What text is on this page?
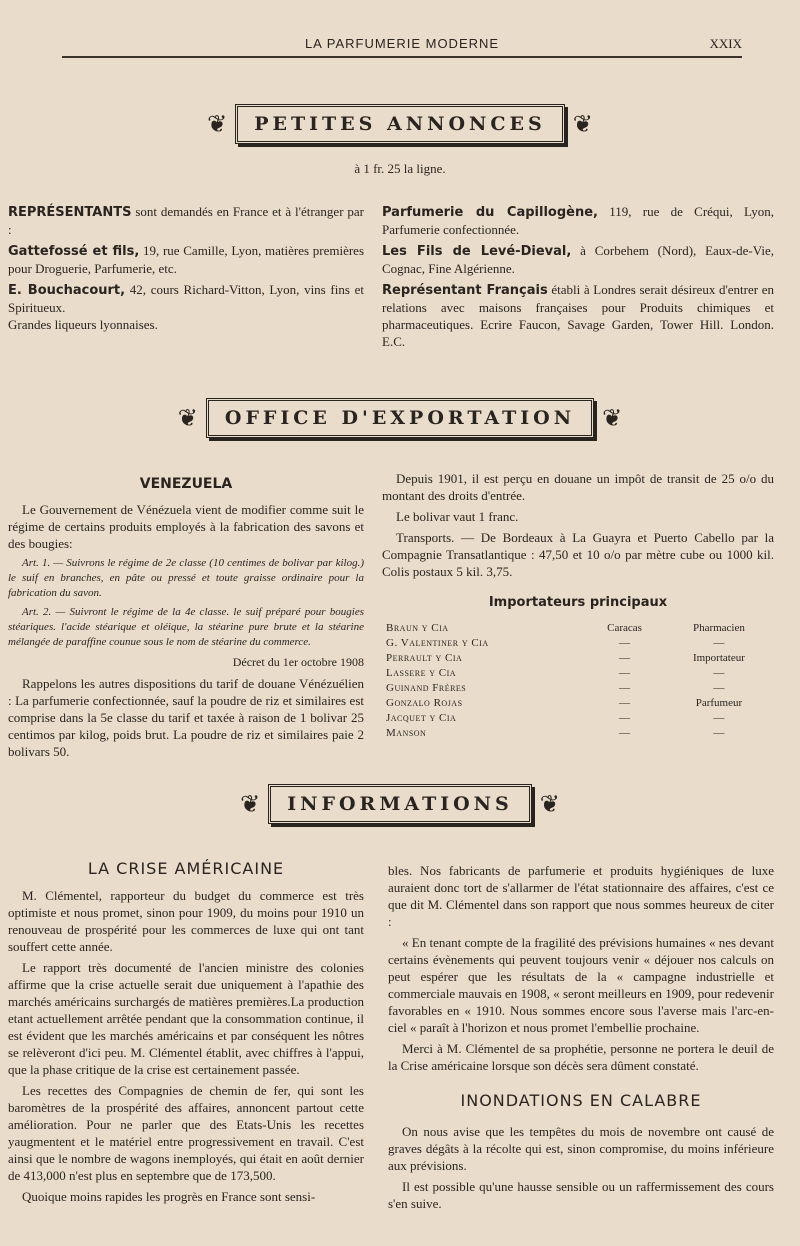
LA PARFUMERIE MODERNE	XXIX
❦	PETITES ANNONCES	❦
à 1 fr. 25 la ligne.

REPRÉSENTANTS sont demandés en France et à l'étranger par :

Gattefossé et fils, 19, rue Camille, Lyon, matières premières pour Droguerie, Parfumerie, etc.

E. Bouchacourt, 42, cours Richard-Vitton, Lyon, vins fins et Spiritueux.

Grandes liqueurs lyonnaises.

Parfumerie du Capillogène, 119, rue de Créqui, Lyon, Parfumerie confectionnée.

Les Fils de Levé-Dieval, à Corbehem (Nord), Eaux-de-Vie, Cognac, Fine Algérienne.

Représentant Français établi à Londres serait désireux d'entrer en relations avec maisons françaises pour Produits chimiques et pharmaceutiques. Ecrire Faucon, Savage Garden, Tower Hill. London. E.C.

❦	OFFICE D'EXPORTATION	❦
VENEZUELA

Le Gouvernement de Vénézuela vient de modifier comme suit le régime de certains produits employés à la fabrication des savons et des bougies:

Art. 1. — Suivrons le régime de 2e classe (10 centimes de bolivar par kilog.) le suif en branches, en pâte ou pressé et toute graisse ordinaire pour la fabrication du savon.

Art. 2. — Suivront le régime de la 4e classe. le suif préparé pour bougies stéariques. l'acide stéarique et oléique, la stéarine pure brute et la stéarine mélangée de paraffine counue sous le nom de stéarine du commerce.

Décret du 1er octobre 1908

Rappelons les autres dispositions du tarif de douane Vénézuélien : La parfumerie confectionnée, sauf la poudre de riz et similaires est comprise dans la 5e classe du tarif et taxée à raison de 1 bolivar 25 centimos par kilog, poids brut. La poudre de riz et similaires paie 2 bolivars 50.

Depuis 1901, il est perçu en douane un impôt de transit de 25 o/o du montant des droits d'entrée.

Le bolivar vaut 1 franc.

Transports. — De Bordeaux à La Guayra et Puerto Cabello par la Compagnie Transatlantique : 47,50 et 10 o/o par mètre cube ou 1000 kil. Colis postaux 5 kil. 3,75.

Importateurs principaux
Braun y Cia	Caracas	Pharmacien
G. Valentiner y Cia	—	—
Perrault y Cia	—	Importateur
Lassere y Cia	—	—
Guinand Frères	—	—
Gonzalo Rojas	—	Parfumeur
Jacquet y Cia	—	—
Manson	—	—
❦	INFORMATIONS	❦
LA CRISE AMÉRICAINE

M. Clémentel, rapporteur du budget du commerce est très optimiste et nous promet, sinon pour 1909, du moins pour 1910 un renouveau de prospérité pour les commerces de luxe qui ont tant souffert cette année.

Le rapport très documenté de l'ancien ministre des colonies affirme que la crise actuelle serait due uniquement à l'apathie des marchés américains surchargés de matières premières.La production etant actuellement arrêtée pendant que la consommation continue, il est évident que les marchés américains et par conséquent les nôtres se relèveront d'ici peu. M. Clémentel établit, avec chiffres à l'appui, que la phase critique de la crise est certainement passée.

Les recettes des Compagnies de chemin de fer, qui sont les baromètres de la prospérité des affaires, annoncent partout cette amélioration. Pour ne parler que des Etats-Unis les recettes yaugmentent et le matériel entre progressivement en travail. C'est ainsi que le nombre de wagons inemployés, qui était en août dernier de 413,000 n'est plus en septembre que de 173,500.

Quoique moins rapides les progrès en France sont sensi-

bles. Nos fabricants de parfumerie et produits hygiéniques de luxe auraient donc tort de s'allarmer de l'état stationnaire des affaires, c'est ce que dit M. Clémentel dans son rapport que nous sommes heureux de citer :

« En tenant compte de la fragilité des prévisions humaines « nes devant certains évènements qui peuvent toujours venir « déjouer nos calculs on peut espérer que les résultats de la « campagne industrielle et commerciale mauvais en 1908, « seront meilleurs en 1909, pour redevenir favorables en « 1910. Nous sommes encore sous l'averse mais l'arc-en-ciel « paraît à l'horizon et nous promet l'embellie prochaine.

Merci à M. Clémentel de sa prophétie, personne ne portera le deuil de la Crise américaine lorsque son décès sera dûment constaté.

INONDATIONS EN CALABRE

On nous avise que les tempêtes du mois de novembre ont causé de graves dégâts à la récolte qui est, sinon compromise, du moins inférieure aux prévisions.

Il est possible qu'une hausse sensible ou un raffermissement des cours s'en suive.
